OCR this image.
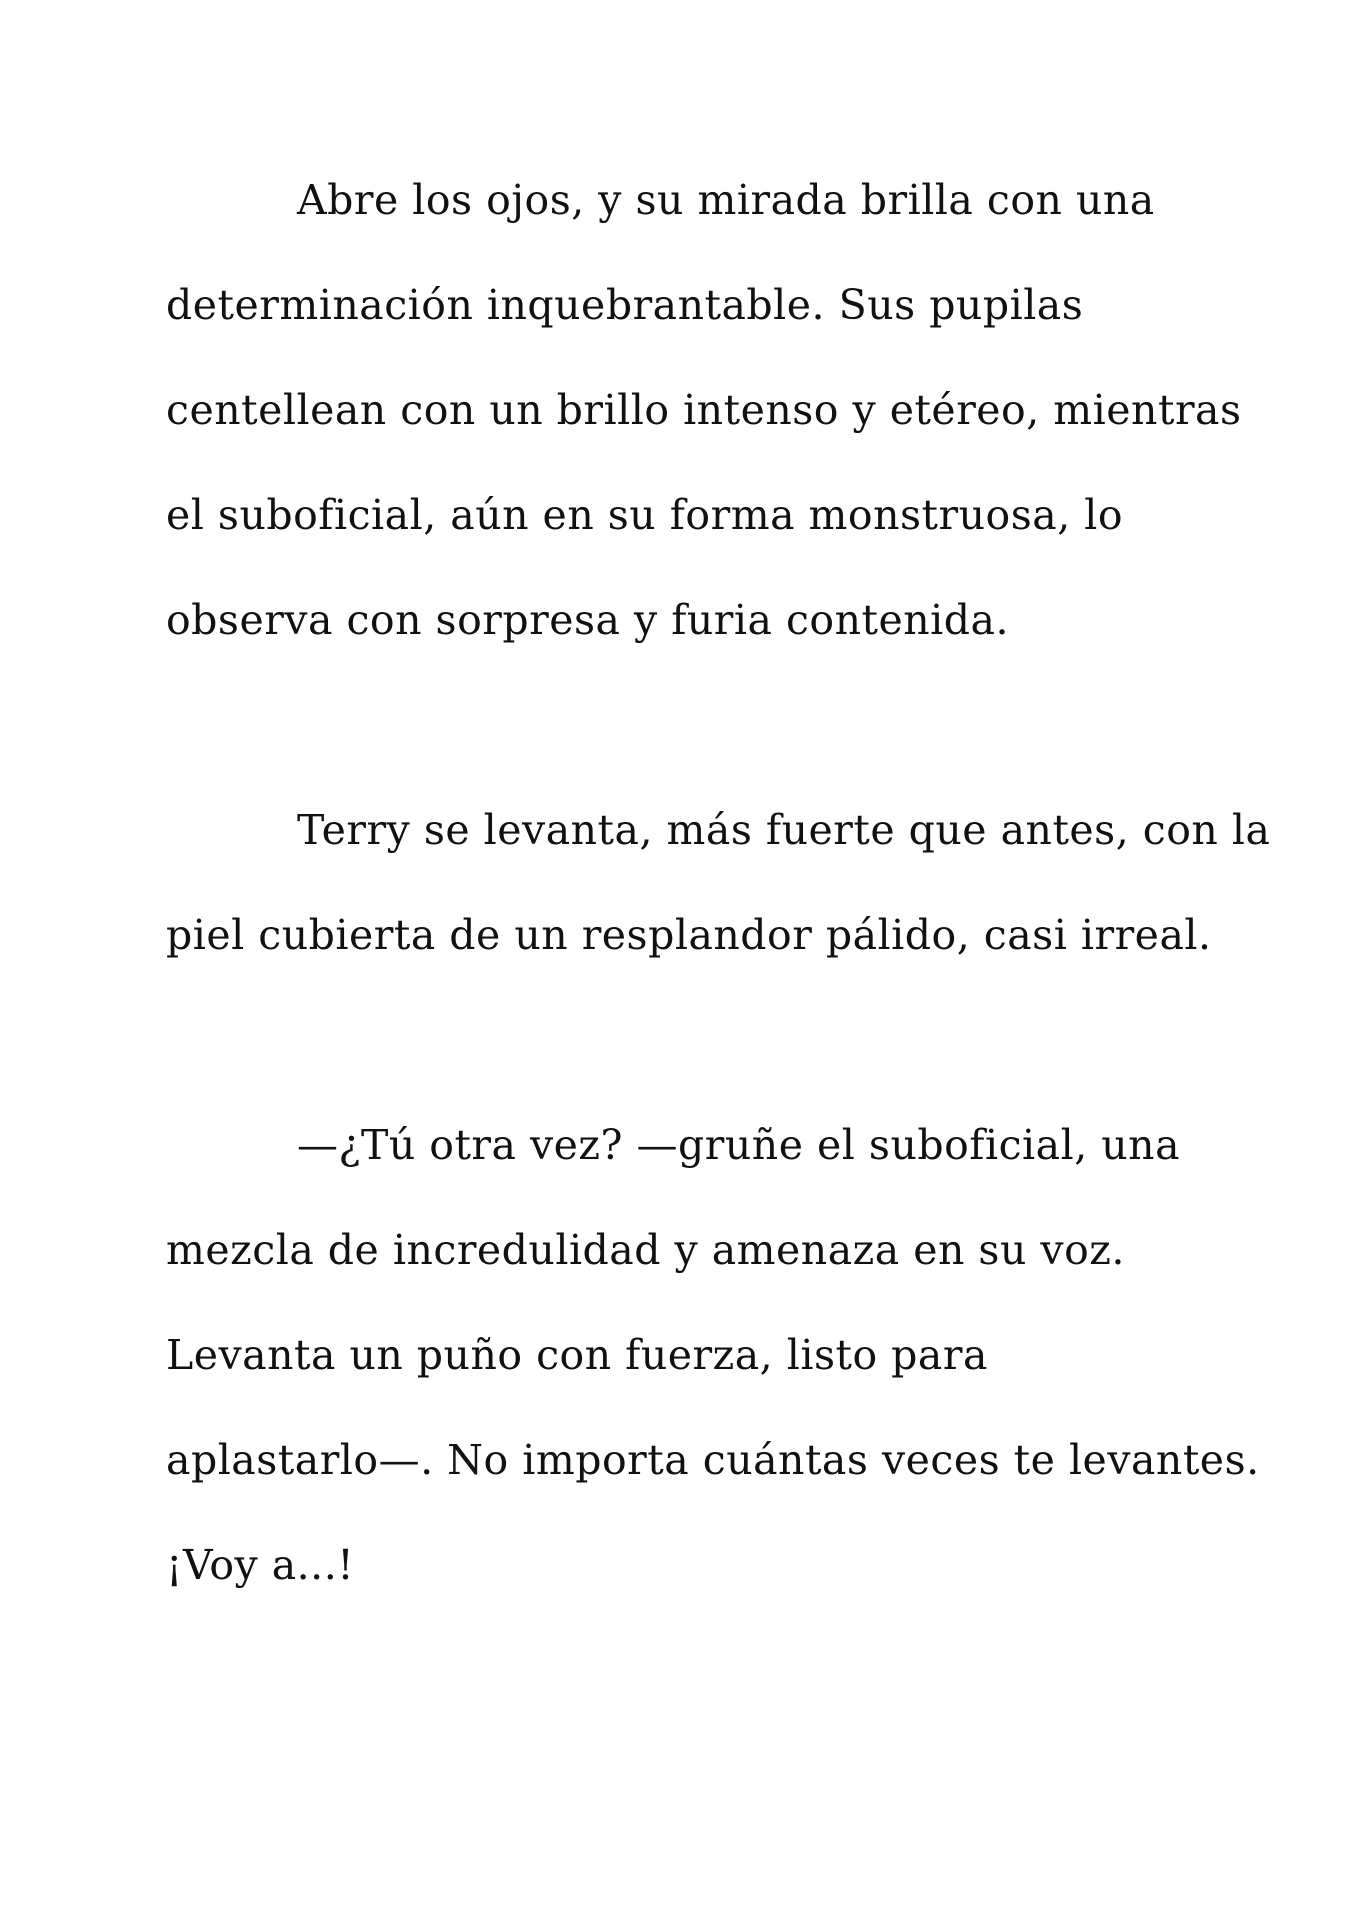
Abre los ojos, y su mirada brilla con una
determinación inquebrantable. Sus pupilas
centellean con un brillo intenso y etéreo, mientras
el suboficial, aún en su forma monstruosa, lo
observa con sorpresa y furia contenida.
Terry se levanta, más fuerte que antes, con la
piel cubierta de un resplandor pálido, casi irreal.
—¿Tú otra vez? —gruñe el suboficial, una
mezcla de incredulidad y amenaza en su voz.
Levanta un puño con fuerza, listo para
aplastarlo—. No importa cuántas veces te levantes.
¡Voy a...!
